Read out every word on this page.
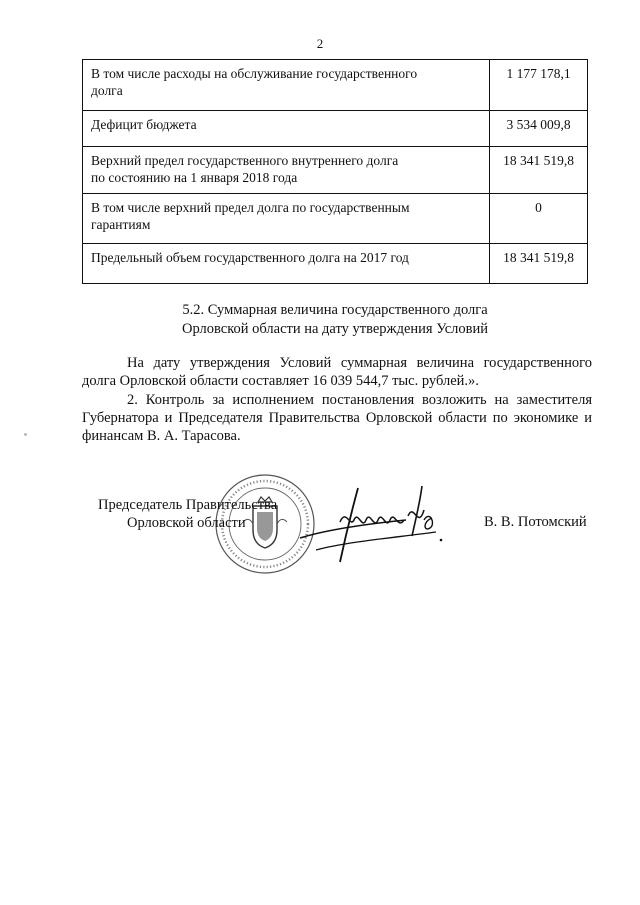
2
В том числе расходы на обслуживание государственного
долга	1 177 178,1
Дефицит бюджета	3 534 009,8
Верхний предел государственного внутреннего долга
по состоянию на 1 января 2018 года	18 341 519,8
В том числе верхний предел долга по государственным
гарантиям	0
Предельный объем государственного долга на 2017 год	18 341 519,8
5.2. Суммарная величина государственного долга
Орловской области на дату утверждения Условий

На дату утверждения Условий суммарная величина государственного долга Орловской области составляет 16 039 544,7 тыс. рублей.».

2. Контроль за исполнением постановления возложить на заместителя Губернатора и Председателя Правительства Орловской области по экономике и финансам В. А. Тарасова.

Председатель Правительства
Орловской области	В. В. Потомский
